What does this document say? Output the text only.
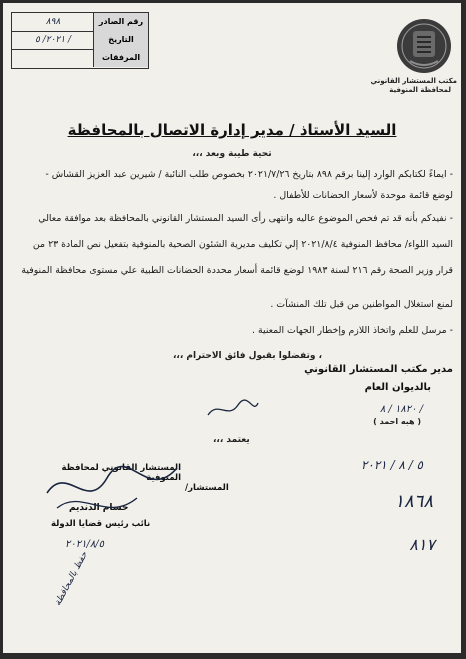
رقم الصادر
٨٩٨
التاريخ
٢٠٢١/ ٥ /
المرفقات
مكتب المستشار القانوني
لمحافظة المنوفية
السيد الأستاذ / مدير إدارة الاتصال بالمحافظة
تحية طيبة وبعد ،،،
- ايماءً لكتابكم الوارد إلينا برقم ٨٩٨ بتاريخ ٢٠٢١/٧/٢٦ بخصوص طلب النائبة / شيرين عبد العزيز القشاش -
لوضع قائمة موحدة لأسعار الحضانات للأطفال .
- نفيدكم بأنه قد تم فحص الموضوع عاليه وانتهى رأى السيد المستشار القانوني بالمحافظة بعد موافقة معالي
السيد اللواء/ محافظ المنوفية ٢٠٢١/٨/٤ إلي تكليف مديرية الشئون الصحية بالمنوفية بتفعيل نص المادة ٢٣ من
قرار وزير الصحة رقم ٢١٦ لسنة ١٩٨٣ لوضع قائمة أسعار محددة الحضانات الطبية علي مستوى محافظة المنوفية
لمنع استغلال المواطنين من قبل تلك المنشآت .
- مرسل للعلم واتخاذ اللازم وإخطار الجهات المعنية .
، وتفضلوا بقبول فائق الاحترام ،،،
مدير مكتب المستشار القانوني
بالديوان العام
١٨٢٠ / ٨ /
( هبه احمد )
يعتمد ،،،
المستشار القانوني لمحافظة المنوفية
المستشار/
حسام الدنديم
نائب رئيس قضايا الدولة
٢٠٢١/٨/٥
٥ / ٨ / ٢٠٢١
١٨٦٨
٨١٧
حفظ بالمحافظة
